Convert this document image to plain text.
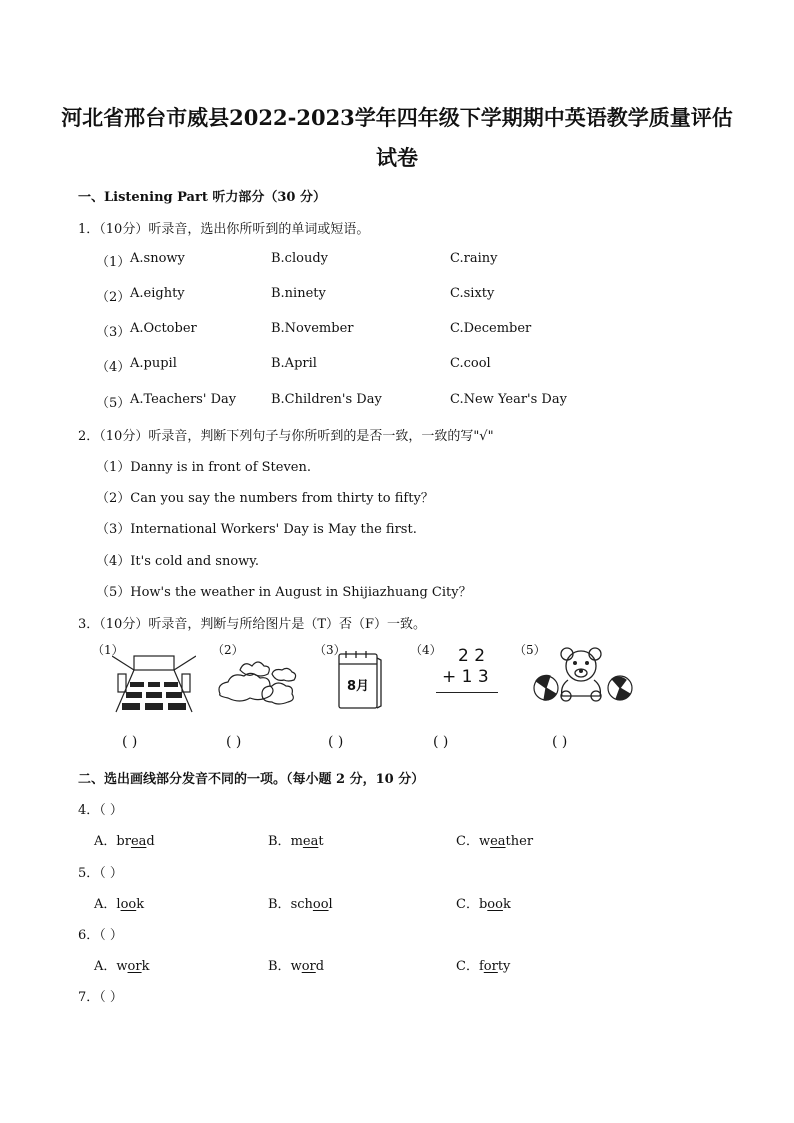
河北省邢台市威县2022-2023学年四年级下学期期中英语教学质量评估试卷
一、Listening Part 听力部分（30 分）
1．（10分）听录音，选出你所听到的单词或短语。
（1） A.snowy	B.cloudy	C.rainy
（2） A.eighty	B.ninety	C.sixty
（3） A.October	B.November	C.December
（4） A.pupil	B.April	C.cool
（5） A.Teachers' Day	B.Children's Day	C.New Year's Day
2．（10分）听录音，判断下列句子与你所听到的是否一致，一致的写"√"
（1）Danny is in front of Steven.
（2）Can you say the numbers from thirty to fifty？
（3）International Workers' Day is May the first.
（4）It's cold and snowy.
（5）How's the weather in August in Shijiazhuang City？
3．（10分）听录音，判断与所给图片是（T）否（F）一致。
（1）	（2）	（3）
8月
（4） 2 2
+ 1 3
（5）
( )	( )	( )	( )	( )
二、选出画线部分发音不同的一项。（每小题 2 分，10 分）
4．（ ）
A．bread	B．meat	C．weather
5．（ ）
A．look	B．school	C．book
6．（ ）
A．work	B．word	C．forty
7．（ ）
